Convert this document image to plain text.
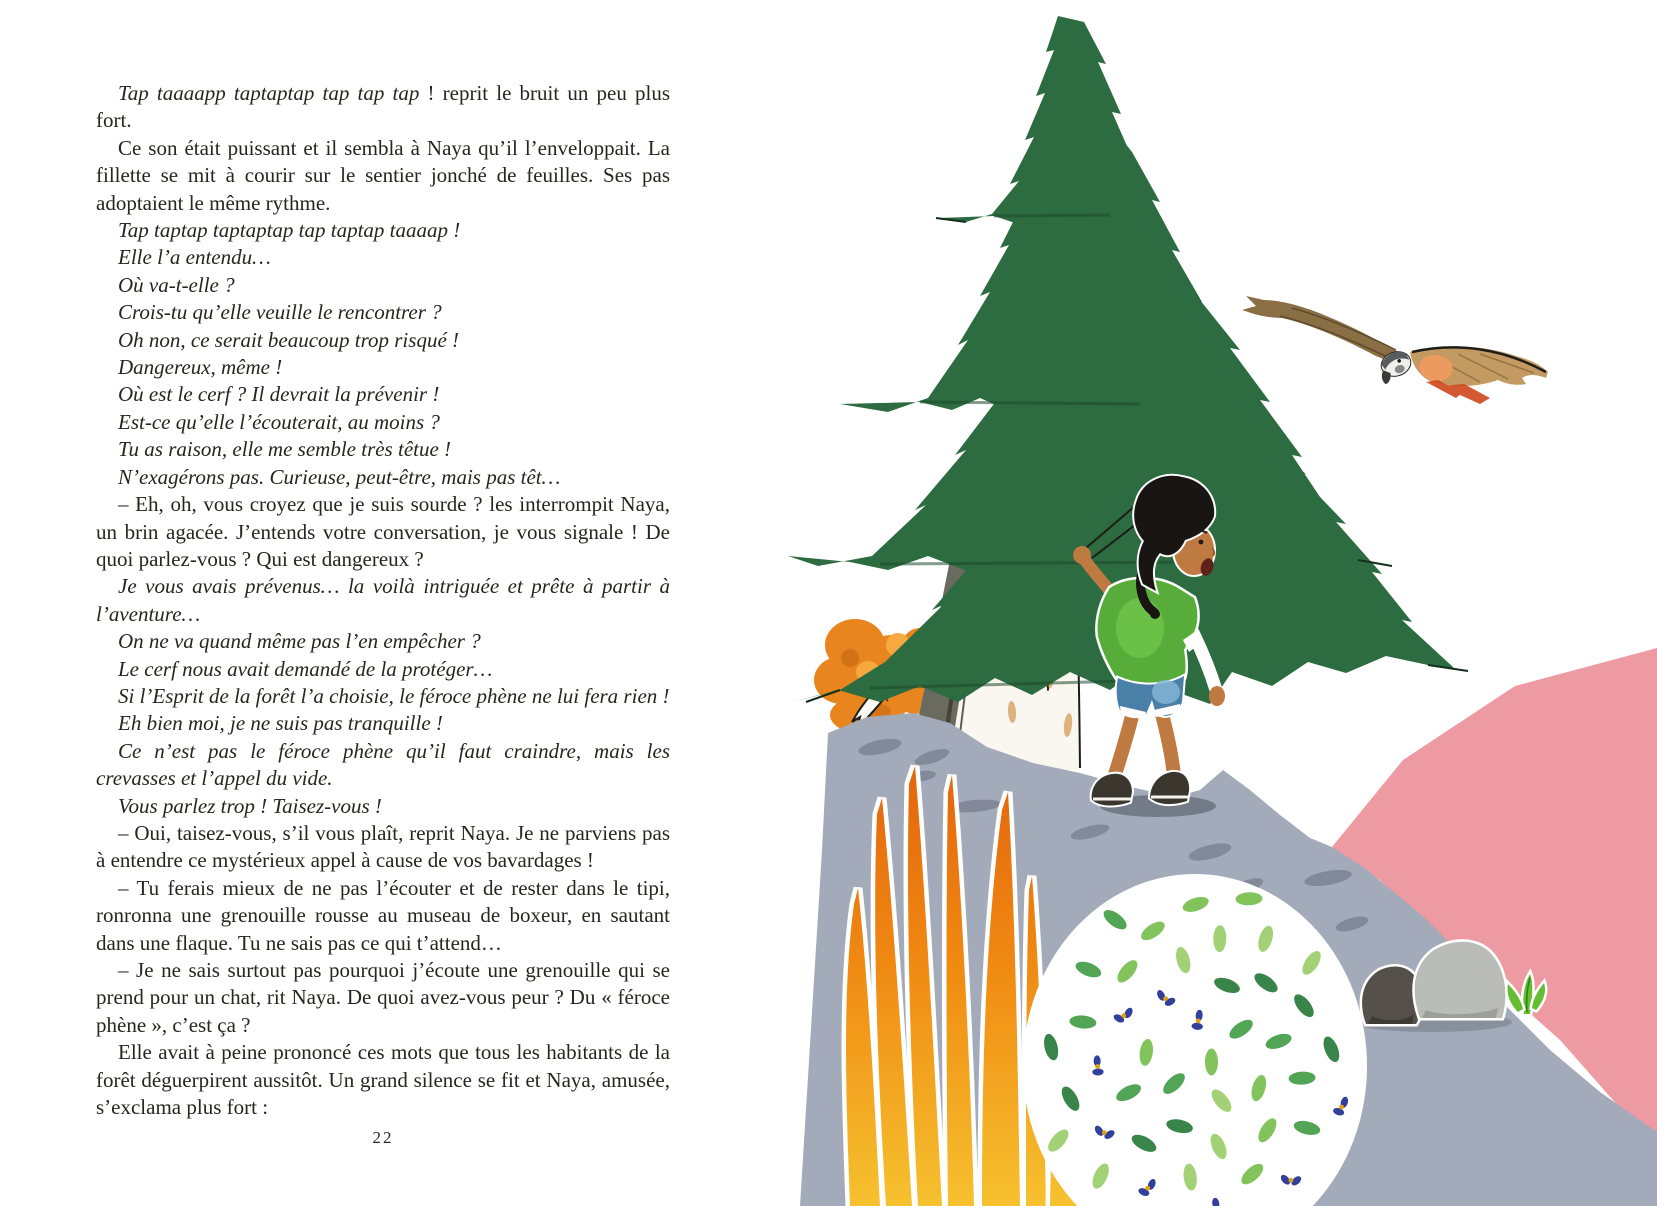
Tap taaaapp taptaptap tap tap tap ! reprit le bruit un peu plus fort.

Ce son était puissant et il sembla à Naya qu’il l’enveloppait. La fillette se mit à courir sur le sentier jonché de feuilles. Ses pas adoptaient le même rythme.

Tap taptap taptaptap tap taptap taaaap !

Elle l’a entendu…

Où va-t-elle ?

Crois-tu qu’elle veuille le rencontrer ?

Oh non, ce serait beaucoup trop risqué !

Dangereux, même !

Où est le cerf ? Il devrait la prévenir !

Est-ce qu’elle l’écouterait, au moins ?

Tu as raison, elle me semble très têtue !

N’exagérons pas. Curieuse, peut-être, mais pas têt…

– Eh, oh, vous croyez que je suis sourde ? les interrompit Naya, un brin agacée. J’entends votre conversation, je vous signale ! De quoi parlez-vous ? Qui est dangereux ?

Je vous avais prévenus… la voilà intriguée et prête à partir à l’aventure…

On ne va quand même pas l’en empêcher ?

Le cerf nous avait demandé de la protéger…

Si l’Esprit de la forêt l’a choisie, le féroce phène ne lui fera rien !

Eh bien moi, je ne suis pas tranquille !

Ce n’est pas le féroce phène qu’il faut craindre, mais les crevasses et l’appel du vide.

Vous parlez trop ! Taisez-vous !

– Oui, taisez-vous, s’il vous plaît, reprit Naya. Je ne parviens pas à entendre ce mystérieux appel à cause de vos bavardages !

– Tu ferais mieux de ne pas l’écouter et de rester dans le tipi, ronronna une grenouille rousse au museau de boxeur, en sautant dans une flaque. Tu ne sais pas ce qui t’attend…

– Je ne sais surtout pas pourquoi j’écoute une grenouille qui se prend pour un chat, rit Naya. De quoi avez-vous peur ? Du « féroce phène », c’est ça ?

Elle avait à peine prononcé ces mots que tous les habitants de la forêt déguerpirent aussitôt. Un grand silence se fit et Naya, amusée, s’exclama plus fort :

22
